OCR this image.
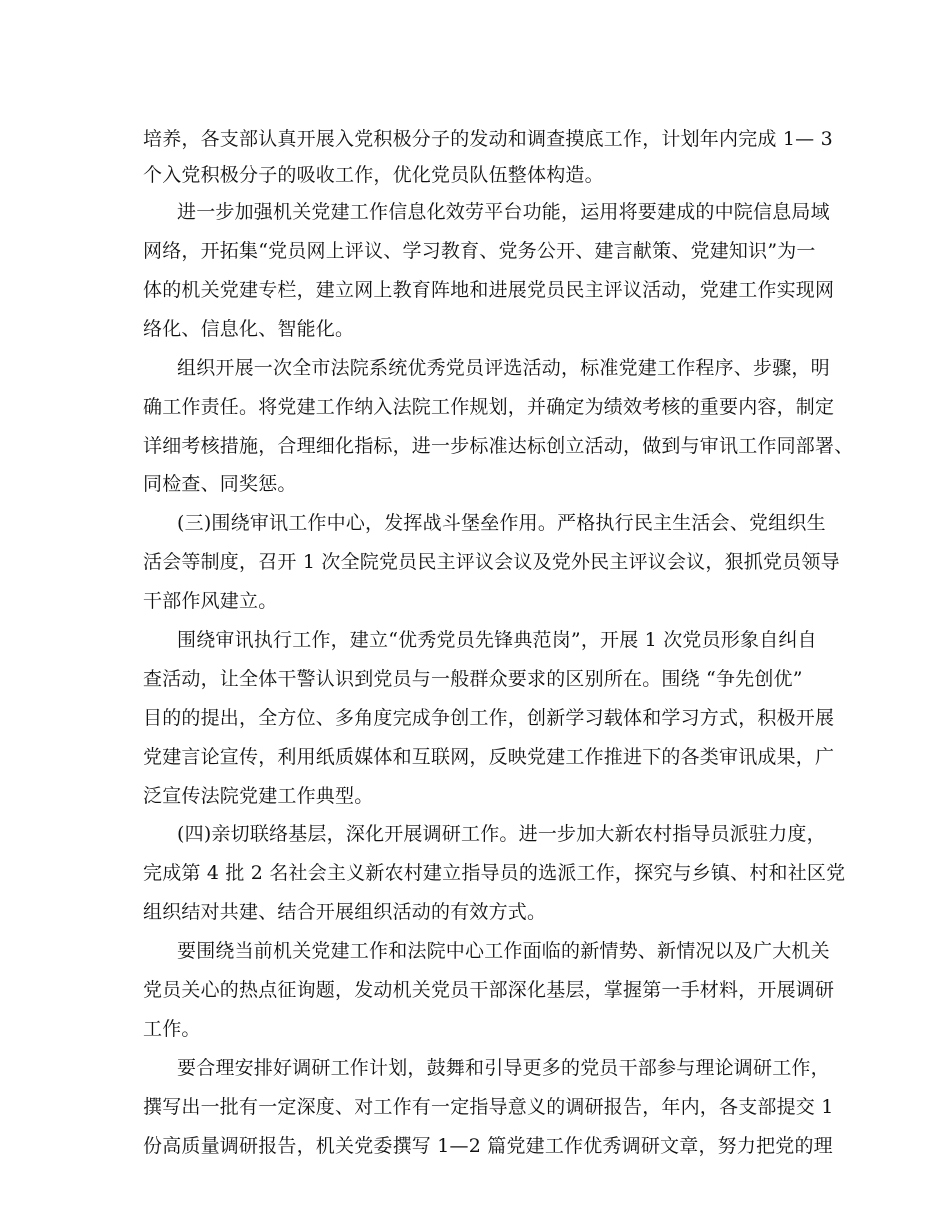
培养，各支部认真开展入党积极分子的发动和调查摸底工作，计划年内完成 1— 3
个入党积极分子的吸收工作，优化党员队伍整体构造。
进一步加强机关党建工作信息化效劳平台功能，运用将要建成的中院信息局域
网络，开拓集“党员网上评议、学习教育、党务公开、建言献策、党建知识”为一
体的机关党建专栏，建立网上教育阵地和进展党员民主评议活动，党建工作实现网
络化、信息化、智能化。
组织开展一次全市法院系统优秀党员评选活动，标准党建工作程序、步骤，明
确工作责任。将党建工作纳入法院工作规划，并确定为绩效考核的重要内容，制定
详细考核措施，合理细化指标，进一步标准达标创立活动，做到与审讯工作同部署、
同检查、同奖惩。
(三)围绕审讯工作中心，发挥战斗堡垒作用。严格执行民主生活会、党组织生
活会等制度，召开 1 次全院党员民主评议会议及党外民主评议会议，狠抓党员领导
干部作风建立。
围绕审讯执行工作，建立“优秀党员先锋典范岗”，开展 1 次党员形象自纠自
查活动，让全体干警认识到党员与一般群众要求的区别所在。围绕 “争先创优”
目的的提出，全方位、多角度完成争创工作，创新学习载体和学习方式，积极开展
党建言论宣传，利用纸质媒体和互联网，反映党建工作推进下的各类审讯成果，广
泛宣传法院党建工作典型。
(四)亲切联络基层，深化开展调研工作。进一步加大新农村指导员派驻力度，
完成第 4 批 2 名社会主义新农村建立指导员的选派工作，探究与乡镇、村和社区党
组织结对共建、结合开展组织活动的有效方式。
要围绕当前机关党建工作和法院中心工作面临的新情势、新情况以及广大机关
党员关心的热点征询题，发动机关党员干部深化基层，掌握第一手材料，开展调研
工作。
要合理安排好调研工作计划，鼓舞和引导更多的党员干部参与理论调研工作，
撰写出一批有一定深度、对工作有一定指导意义的调研报告，年内，各支部提交 1
份高质量调研报告，机关党委撰写 1—2 篇党建工作优秀调研文章，努力把党的理
